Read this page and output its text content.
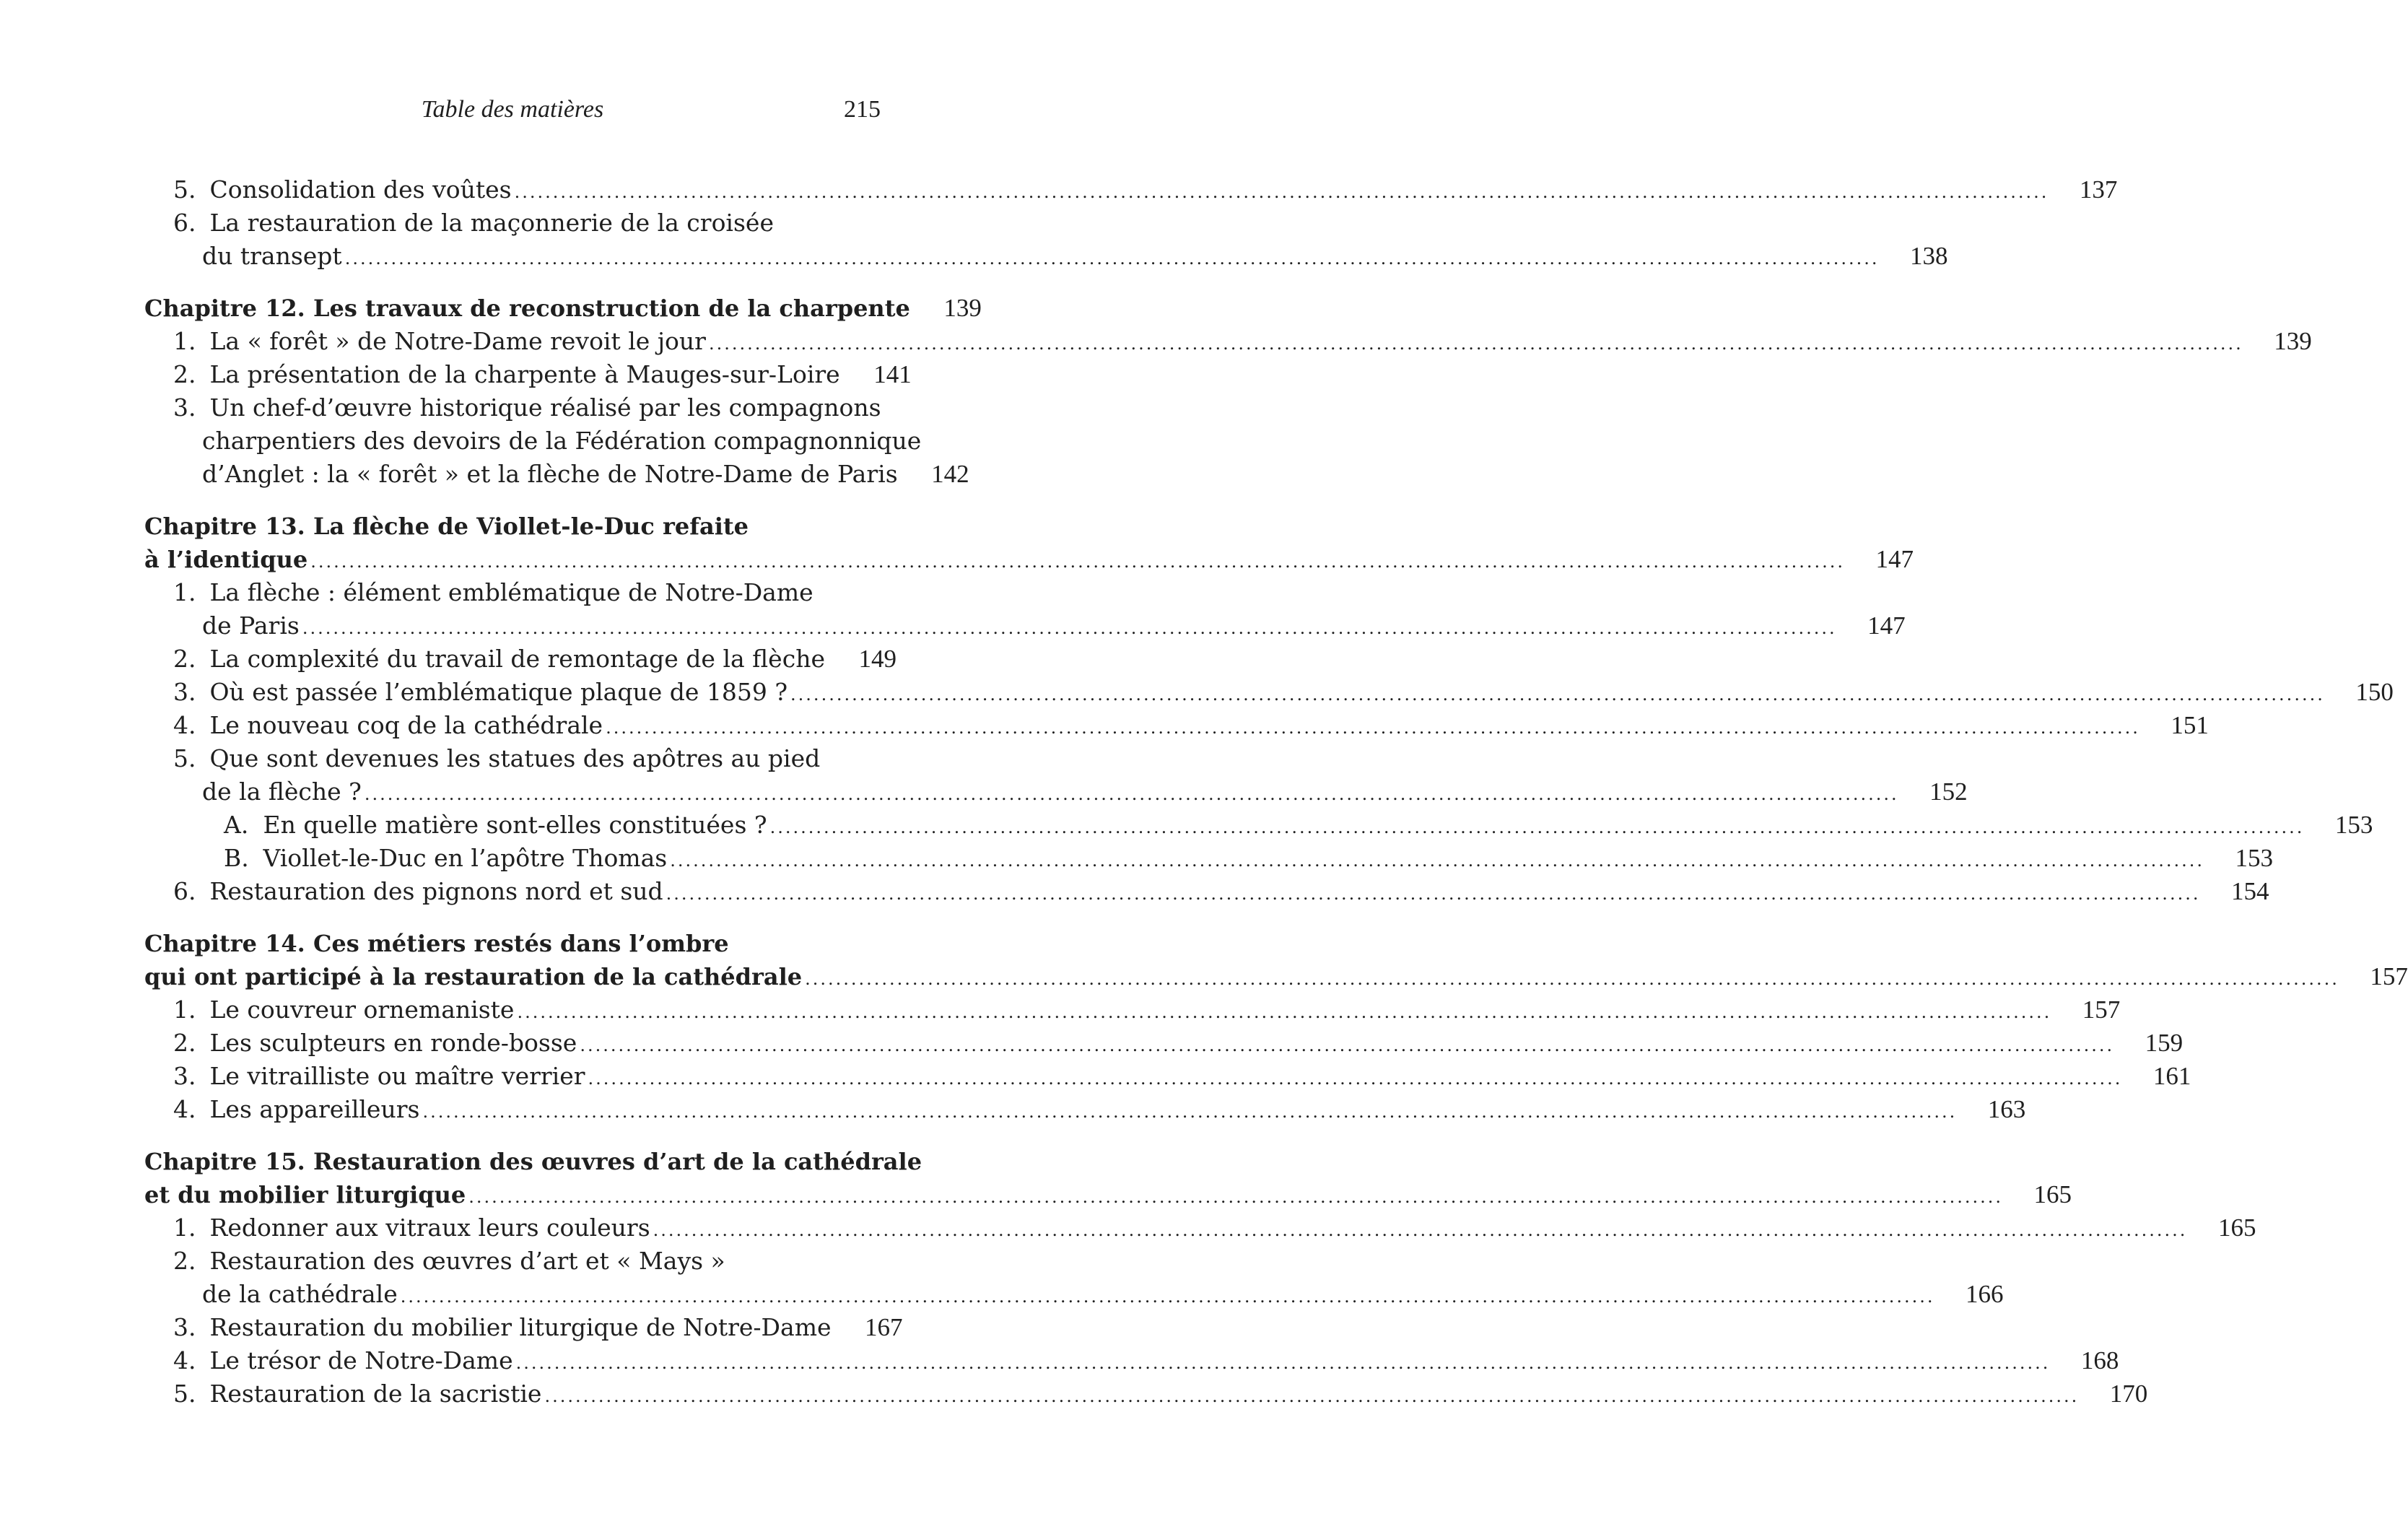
Table des matières	215
5. Consolidation des voûtes ........................................................................................................................................................................................................	137
6. La restauration de la maçonnerie de la croisée
du transept ........................................................................................................................................................................................................	138
Chapitre 12. Les travaux de reconstruction de la charpente	139
1. La « forêt » de Notre-Dame revoit le jour ........................................................................................................................................................................................................	139
2. La présentation de la charpente à Mauges-sur-Loire	141
3. Un chef-d’œuvre historique réalisé par les compagnons
charpentiers des devoirs de la Fédération compagnonnique
d’Anglet : la « forêt » et la flèche de Notre-Dame de Paris	142
Chapitre 13. La flèche de Viollet-le-Duc refaite
à l’identique ........................................................................................................................................................................................................	147
1. La flèche : élément emblématique de Notre-Dame
de Paris ........................................................................................................................................................................................................	147
2. La complexité du travail de remontage de la flèche	149
3. Où est passée l’emblématique plaque de 1859 ? ........................................................................................................................................................................................................	150
4. Le nouveau coq de la cathédrale ........................................................................................................................................................................................................	151
5. Que sont devenues les statues des apôtres au pied
de la flèche ? ........................................................................................................................................................................................................	152
A. En quelle matière sont-elles constituées ? ........................................................................................................................................................................................................	153
B. Viollet-le-Duc en l’apôtre Thomas ........................................................................................................................................................................................................	153
6. Restauration des pignons nord et sud ........................................................................................................................................................................................................	154
Chapitre 14. Ces métiers restés dans l’ombre
qui ont participé à la restauration de la cathédrale ........................................................................................................................................................................................................	157
1. Le couvreur ornemaniste ........................................................................................................................................................................................................	157
2. Les sculpteurs en ronde-bosse ........................................................................................................................................................................................................	159
3. Le vitrailliste ou maître verrier ........................................................................................................................................................................................................	161
4. Les appareilleurs ........................................................................................................................................................................................................	163
Chapitre 15. Restauration des œuvres d’art de la cathédrale
et du mobilier liturgique ........................................................................................................................................................................................................	165
1. Redonner aux vitraux leurs couleurs ........................................................................................................................................................................................................	165
2. Restauration des œuvres d’art et « Mays »
de la cathédrale ........................................................................................................................................................................................................	166
3. Restauration du mobilier liturgique de Notre-Dame	167
4. Le trésor de Notre-Dame ........................................................................................................................................................................................................	168
5. Restauration de la sacristie ........................................................................................................................................................................................................	170
